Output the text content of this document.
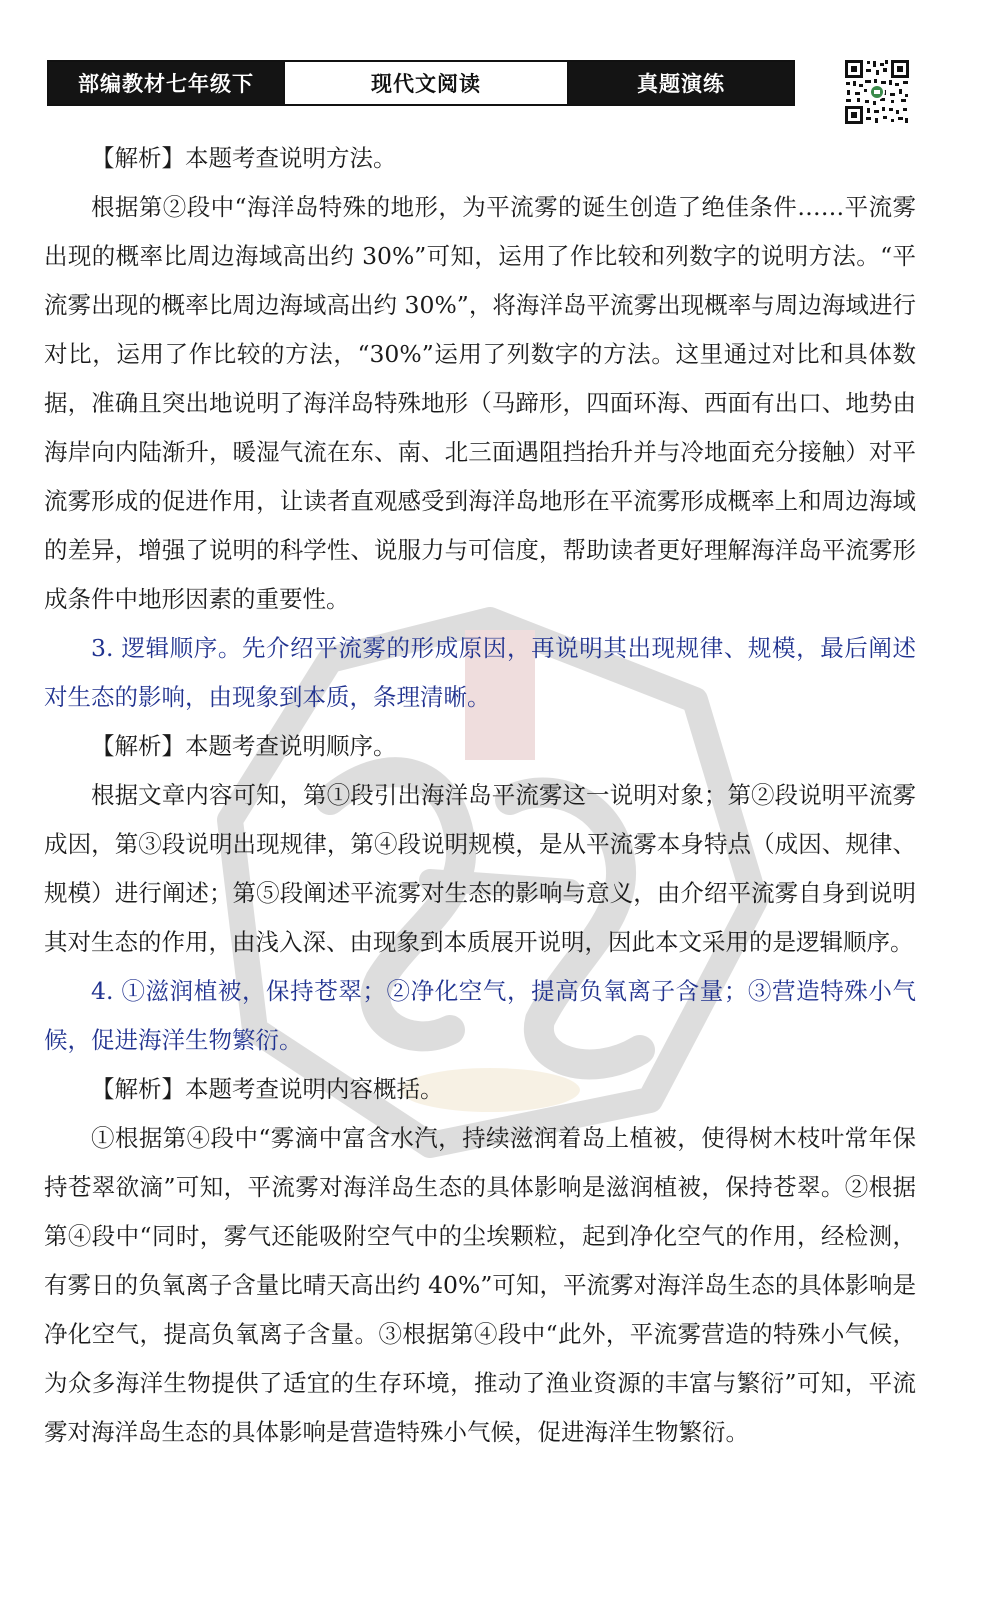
部编教材七年级下	现代文阅读	真题演练

【解析】本题考查说明方法。

根据第②段中“海洋岛特殊的地形，为平流雾的诞生创造了绝佳条件……平流雾出现的概率比周边海域高出约 30%”可知，运用了作比较和列数字的说明方法。“平流雾出现的概率比周边海域高出约 30%”，将海洋岛平流雾出现概率与周边海域进行对比，运用了作比较的方法，“30%”运用了列数字的方法。这里通过对比和具体数据，准确且突出地说明了海洋岛特殊地形（马蹄形，四面环海、西面有出口、地势由海岸向内陆渐升，暖湿气流在东、南、北三面遇阻挡抬升并与冷地面充分接触）对平流雾形成的促进作用，让读者直观感受到海洋岛地形在平流雾形成概率上和周边海域的差异，增强了说明的科学性、说服力与可信度，帮助读者更好理解海洋岛平流雾形成条件中地形因素的重要性。

3. 逻辑顺序。先介绍平流雾的形成原因，再说明其出现规律、规模，最后阐述对生态的影响，由现象到本质，条理清晰。

【解析】本题考查说明顺序。

根据文章内容可知，第①段引出海洋岛平流雾这一说明对象；第②段说明平流雾成因，第③段说明出现规律，第④段说明规模，是从平流雾本身特点（成因、规律、规模）进行阐述；第⑤段阐述平流雾对生态的影响与意义，由介绍平流雾自身到说明其对生态的作用，由浅入深、由现象到本质展开说明，因此本文采用的是逻辑顺序。

4. ①滋润植被，保持苍翠；②净化空气，提高负氧离子含量；③营造特殊小气候，促进海洋生物繁衍。

【解析】本题考查说明内容概括。

①根据第④段中“雾滴中富含水汽，持续滋润着岛上植被，使得树木枝叶常年保持苍翠欲滴”可知，平流雾对海洋岛生态的具体影响是滋润植被，保持苍翠。②根据第④段中“同时，雾气还能吸附空气中的尘埃颗粒，起到净化空气的作用，经检测，有雾日的负氧离子含量比晴天高出约 40%”可知，平流雾对海洋岛生态的具体影响是净化空气，提高负氧离子含量。③根据第④段中“此外，平流雾营造的特殊小气候，为众多海洋生物提供了适宜的生存环境，推动了渔业资源的丰富与繁衍”可知，平流雾对海洋岛生态的具体影响是营造特殊小气候，促进海洋生物繁衍。
